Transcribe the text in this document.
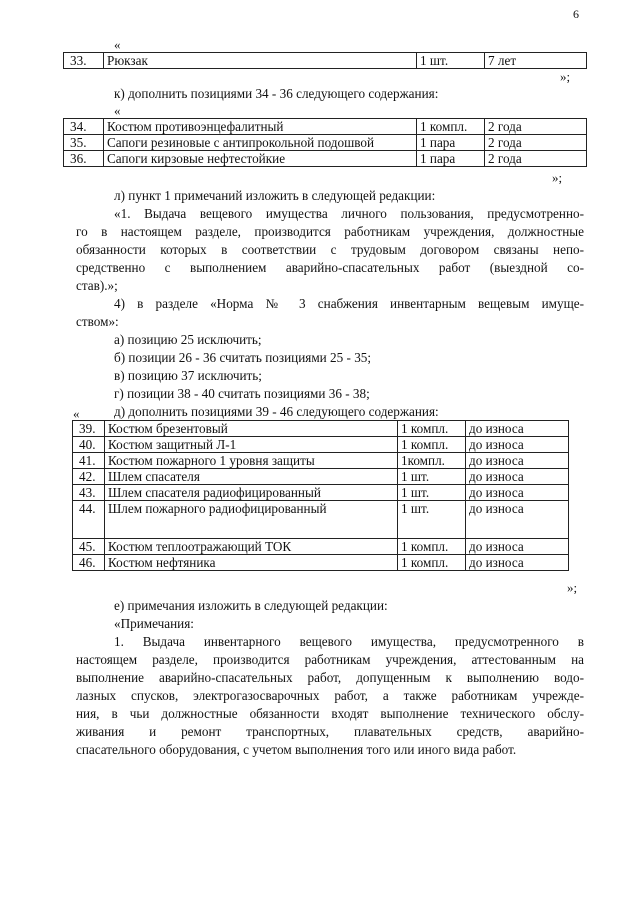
6
«
33.	Рюкзак	1 шт.	7 лет
»;
к) дополнить позициями 34 - 36 следующего содержания:
«
34.	Костюм противоэнцефалитный	1 компл.	2 года
35.	Сапоги резиновые с антипрокольной подошвой	1 пара	2 года
36.	Сапоги кирзовые нефтестойкие	1 пара	2 года
»;
л) пункт 1 примечаний изложить в следующей редакции:

«1. Выдача вещевого имущества личного пользования, предусмотренно-

го в настоящем разделе, производится работникам учреждения, должностные

обязанности которых в соответствии с трудовым договором связаны непо-

средственно с выполнением аварийно-спасательных работ (выездной со-

став).»;

4) в разделе «Норма № 3 снабжения инвентарным вещевым имуще-

ством»:

а) позицию 25 исключить;
б) позиции 26 - 36 считать позициями 25 - 35;
в) позицию 37 исключить;
г) позиции 38 - 40 считать позициями 36 - 38;
д) дополнить позициями 39 - 46 следующего содержания:
«
39.	Костюм брезентовый	1 компл.	до износа
40.	Костюм защитный Л-1	1 компл.	до износа
41.	Костюм пожарного 1 уровня защиты	1компл.	до износа
42.	Шлем спасателя	1 шт.	до износа
43.	Шлем спасателя радиофицированный	1 шт.	до износа
44.	Шлем пожарного радиофицированный	1 шт.	до износа
45.	Костюм теплоотражающий ТОК	1 компл.	до износа
46.	Костюм нефтяника	1 компл.	до износа
»;
е) примечания изложить в следующей редакции:
«Примечания:

1. Выдача инвентарного вещевого имущества, предусмотренного в

настоящем разделе, производится работникам учреждения, аттестованным на

выполнение аварийно-спасательных работ, допущенным к выполнению водо-

лазных спусков, электрогазосварочных работ, а также работникам учрежде-

ния, в чьи должностные обязанности входят выполнение технического обслу-

живания и ремонт транспортных, плавательных средств, аварийно-

спасательного оборудования, с учетом выполнения того или иного вида работ.
